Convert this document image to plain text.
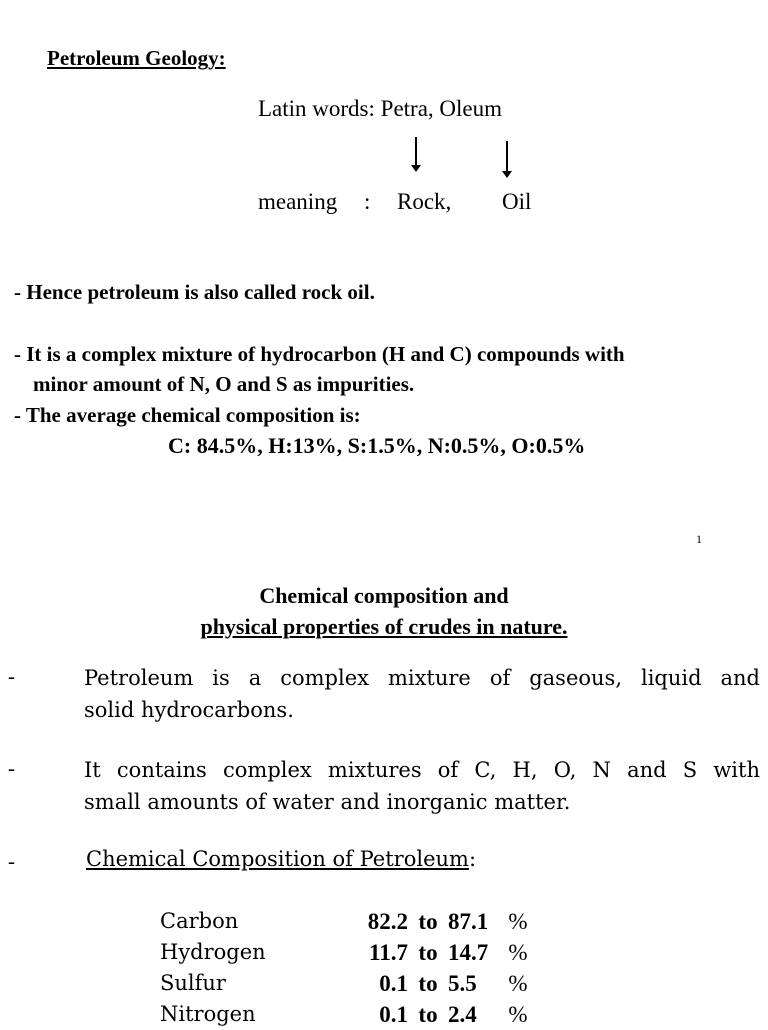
Petroleum Geology:
Latin words: Petra, Oleum
meaning : Rock, Oil
- Hence petroleum is also called rock oil.
- It is a complex mixture of hydrocarbon (H and C) compounds with
minor amount of N, O and S as impurities.
- The average chemical composition is:
C: 84.5%, H:13%, S:1.5%, N:0.5%, O:0.5%
1
Chemical composition and
physical properties of crudes in nature.
-	Petroleum is a complex mixture of gaseous, liquid and
solid hydrocarbons.
-	It contains complex mixtures of C, H, O, N and S with
small amounts of water and inorganic matter.
-	Chemical Composition of Petroleum:
Carbon	82.2	to	87.1	%
Hydrogen	11.7	to	14.7	%
Sulfur	0.1	to	5.5	%
Nitrogen	0.1	to	2.4	%
